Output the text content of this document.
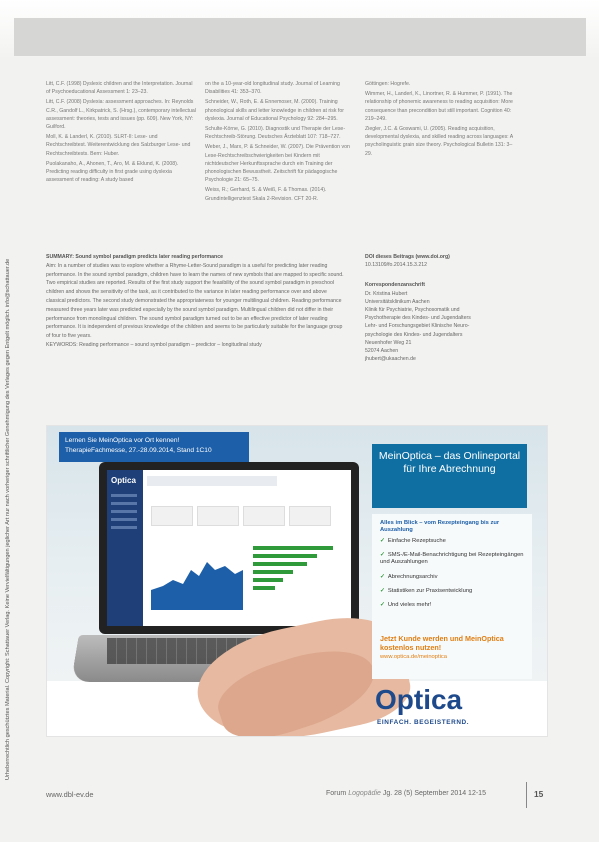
Urheberrechtlich geschütztes Material. Copyright: Schattauer Verlag. Keine Vervielfältigungen jeglicher Art nur nach vorheriger schriftlicher Genehmigung des Verlages gegen Entgelt möglich. info@schattauer.de

Litt, C.F. (1998) Dyslexic children and the Interpretation. Journal of Psychoeducational Assessment 1: 23–23.

Litt, C.F. (2008) Dyslexia: assessment approaches. In: Reynolds C.R., Gandolf L., Kirkpatrick, S. (Hrsg.), contemporary intellectual assessment: theories, tests and issues (pp. 609). New York, NY: Guilford.

Moll, K. & Landerl, K. (2010). SLRT-II: Lese- und Rechtschreibtest. Weiterentwicklung des Salzburger Lese- und Rechtschreibtests. Bern: Huber.

Puolakanaho, A., Ahonen, T., Aro, M. & Eklund, K. (2008). Predicting reading difficulty in first grade using dyslexia assessment of reading: A study based

on the a 10-year-old longitudinal study. Journal of Learning Disabilities 41: 353–370.

Schneider, W., Roth, E. & Ennemoser, M. (2000). Training phonological skills and letter knowledge in children at risk for dyslexia. Journal of Educational Psychology 92: 284–295.

Schulte-Körne, G. (2010). Diagnostik und Therapie der Lese-Rechtschreib-Störung. Deutsches Ärzteblatt 107: 718–727.

Weber, J., Marx, P. & Schneider, W. (2007). Die Prävention von Lese-Rechtschreibschwierigkeiten bei Kindern mit nichtdeutscher Herkunftssprache durch ein Training der phonologischen Bewusstheit. Zeitschrift für pädagogische Psychologie 21: 65–75.

Weiss, R.; Gerhard, S. & Weiß, F. & Thomas. (2014). Grundintelligenztest Skala 2-Revision. CFT 20-R.

Göttingen: Hogrefe.

Wimmer, H., Landerl, K., Linortner, R. & Hummer, P. (1991). The relationship of phonemic awareness to reading acquisition: More consequence than precondition but still important. Cognition 40: 219–249.

Ziegler, J.C. & Goswami, U. (2005). Reading acquisition, developmental dyslexia, and skilled reading across languages: A psycholinguistic grain size theory. Psychological Bulletin 131: 3–29.

SUMMARY: Sound symbol paradigm predicts later reading performance
Aim: In a number of studies was to explore whether a Rhyme-Letter-Sound paradigm is a useful for predicting later reading performance. In the sound symbol paradigm, children have to learn the names of new symbols that are mapped to specific sound. Two empirical studies are reported. Results of the first study support the feasibility of the sound symbol paradigm in preschool children and shows the sensitivity of the task, as it contributed to the variance in later reading performance over and above classical predictors. The second study demonstrated the appropriateness for younger multilingual children. Reading performance measured three years later was predicted especially by the sound symbol paradigm. Multilingual children did not differ in their performance from monolingual children. The sound symbol paradigm turned out to be an effective predictor of later reading performance. It is independent of previous knowledge of the children and seems to be particularly suitable for the language group of four to five years.
KEYWORDS: Reading performance – sound symbol paradigm – predictor – longitudinal study
DOI dieses Beitrags (www.doi.org)
10.13109/fo.2014.15.3.212
Korrespondenzanschrift
Dr. Kristina Hubert
Universitätsklinikum Aachen
Klinik für Psychiatrie, Psychosomatik und
Psychotherapie des Kindes- und Jugendalters
Lehr- und Forschungsgebiet Klinische Neuro-
psychologie des Kindes- und Jugendalters
Neuenhofer Weg 21
52074 Aachen
jhubert@ukaachen.de
Lernen Sie MeinOptica vor Ort kennen!
TherapieFachmesse, 27.-28.09.2014, Stand 1C10
Optica
MeinOptica – das Onlineportal für Ihre Abrechnung
Alles im Blick – vom Rezepteingang bis zur Auszahlung
✓ Einfache Rezeptsuche
✓ SMS-/E-Mail-Benachrichtigung bei Rezepteingängen und Auszahlungen
✓ Abrechnungsarchiv
✓ Statistiken zur Praxisentwicklung
✓ Und vieles mehr!
Jetzt Kunde werden und MeinOptica kostenlos nutzen!
www.optica.de/meinoptica
Optica
EINFACH. BEGEISTERND.
www.dbl-ev.de	Forum Logopädie Jg. 28 (5) September 2014 12-15	15
